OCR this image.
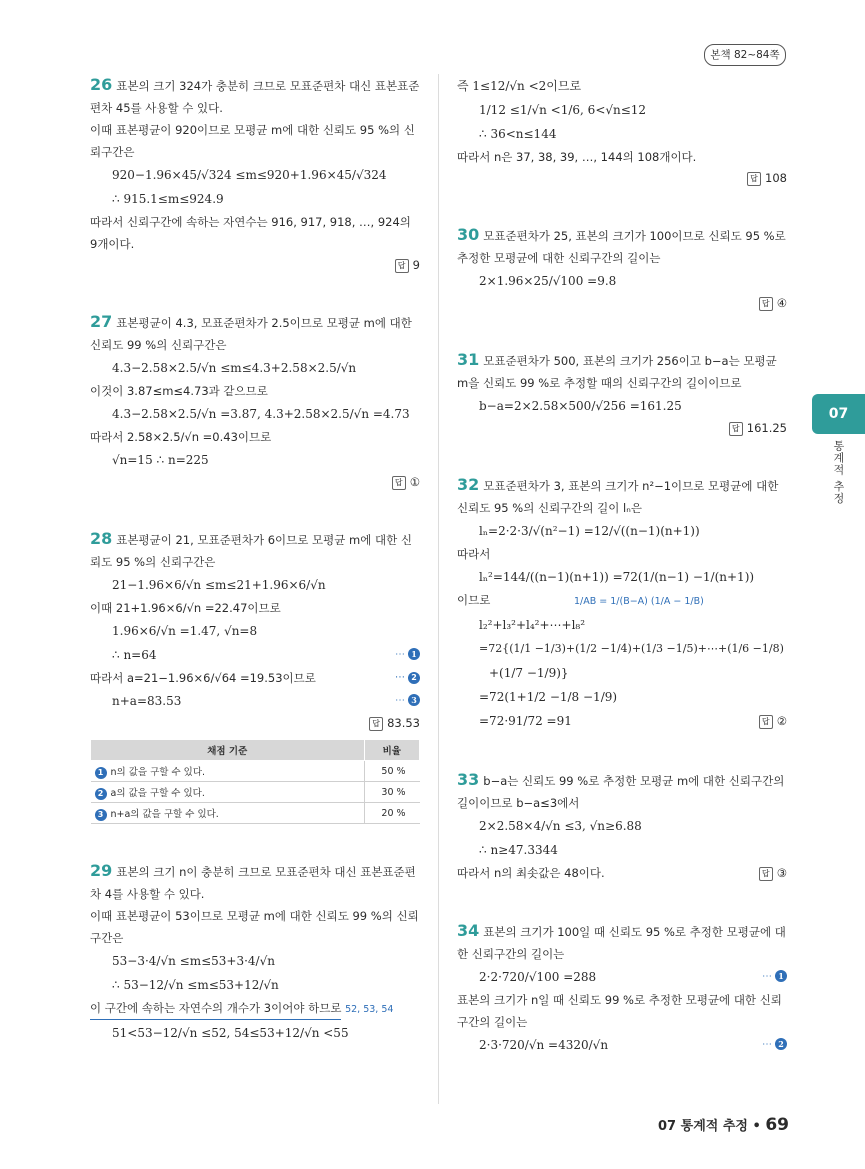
본책 82~84쪽
26 표본의 크기 324가 충분히 크므로 모표준편차 대신 표본표준편차 45를 사용할 수 있다.
이때 표본평균이 920이므로 모평균 m에 대한 신뢰도 95 %의 신뢰구간은
920−1.96×45/√324 ≤m≤920+1.96×45/√324
∴ 915.1≤m≤924.9
따라서 신뢰구간에 속하는 자연수는 916, 917, 918, …, 924의 9개이다.
답 9
27 표본평균이 4.3, 모표준편차가 2.5이므로 모평균 m에 대한 신뢰도 99 %의 신뢰구간은
4.3−2.58×2.5/√n ≤m≤4.3+2.58×2.5/√n
이것이 3.87≤m≤4.73과 같으므로
4.3−2.58×2.5/√n =3.87, 4.3+2.58×2.5/√n =4.73
따라서 2.58×2.5/√n =0.43이므로
√n=15 ∴ n=225
답 ①
28 표본평균이 21, 모표준편차가 6이므로 모평균 m에 대한 신뢰도 95 %의 신뢰구간은
21−1.96×6/√n ≤m≤21+1.96×6/√n
이때 21+1.96×6/√n =22.47이므로
1.96×6/√n =1.47, √n=8
∴ n=64	⋯ 1
따라서 a=21−1.96×6/√64 =19.53이므로	⋯ 2
n+a=83.53	⋯ 3
답 83.53
채점 기준	비율
1 n의 값을 구할 수 있다.	50 %
2 a의 값을 구할 수 있다.	30 %
3 n+a의 값을 구할 수 있다.	20 %
29 표본의 크기 n이 충분히 크므로 모표준편차 대신 표본표준편차 4를 사용할 수 있다.
이때 표본평균이 53이므로 모평균 m에 대한 신뢰도 99 %의 신뢰구간은
53−3·4/√n ≤m≤53+3·4/√n
∴ 53−12/√n ≤m≤53+12/√n
이 구간에 속하는 자연수의 개수가 3이어야 하므로 52, 53, 54
51<53−12/√n ≤52, 54≤53+12/√n <55
즉 1≤12/√n <2이므로
1/12 ≤1/√n <1/6, 6<√n≤12
∴ 36<n≤144
따라서 n은 37, 38, 39, …, 144의 108개이다.
답 108
30 모표준편차가 25, 표본의 크기가 100이므로 신뢰도 95 %로 추정한 모평균에 대한 신뢰구간의 길이는
2×1.96×25/√100 =9.8
답 ④
31 모표준편차가 500, 표본의 크기가 256이고 b−a는 모평균 m을 신뢰도 99 %로 추정할 때의 신뢰구간의 길이이므로
b−a=2×2.58×500/√256 =161.25
답 161.25
32 모표준편차가 3, 표본의 크기가 n²−1이므로 모평균에 대한 신뢰도 95 %의 신뢰구간의 길이 lₙ은
lₙ=2·2·3/√(n²−1) =12/√((n−1)(n+1))
따라서
lₙ²=144/((n−1)(n+1)) =72(1/(n−1) −1/(n+1))
이므로	1/AB = 1/(B−A) (1/A − 1/B)
l₂²+l₃²+l₄²+⋯+l₈²
=72{(1/1 −1/3)+(1/2 −1/4)+(1/3 −1/5)+⋯+(1/6 −1/8)
+(1/7 −1/9)}
=72(1+1/2 −1/8 −1/9)
=72·91/72 =91	답 ②
33 b−a는 신뢰도 99 %로 추정한 모평균 m에 대한 신뢰구간의 길이이므로 b−a≤3에서
2×2.58×4/√n ≤3, √n≥6.88
∴ n≥47.3344
따라서 n의 최솟값은 48이다.	답 ③
34 표본의 크기가 100일 때 신뢰도 95 %로 추정한 모평균에 대한 신뢰구간의 길이는
2·2·720/√100 =288	⋯ 1
표본의 크기가 n일 때 신뢰도 99 %로 추정한 모평균에 대한 신뢰구간의 길이는
2·3·720/√n =4320/√n	⋯ 2
07
통계적 추정
07 통계적 추정 • 69
